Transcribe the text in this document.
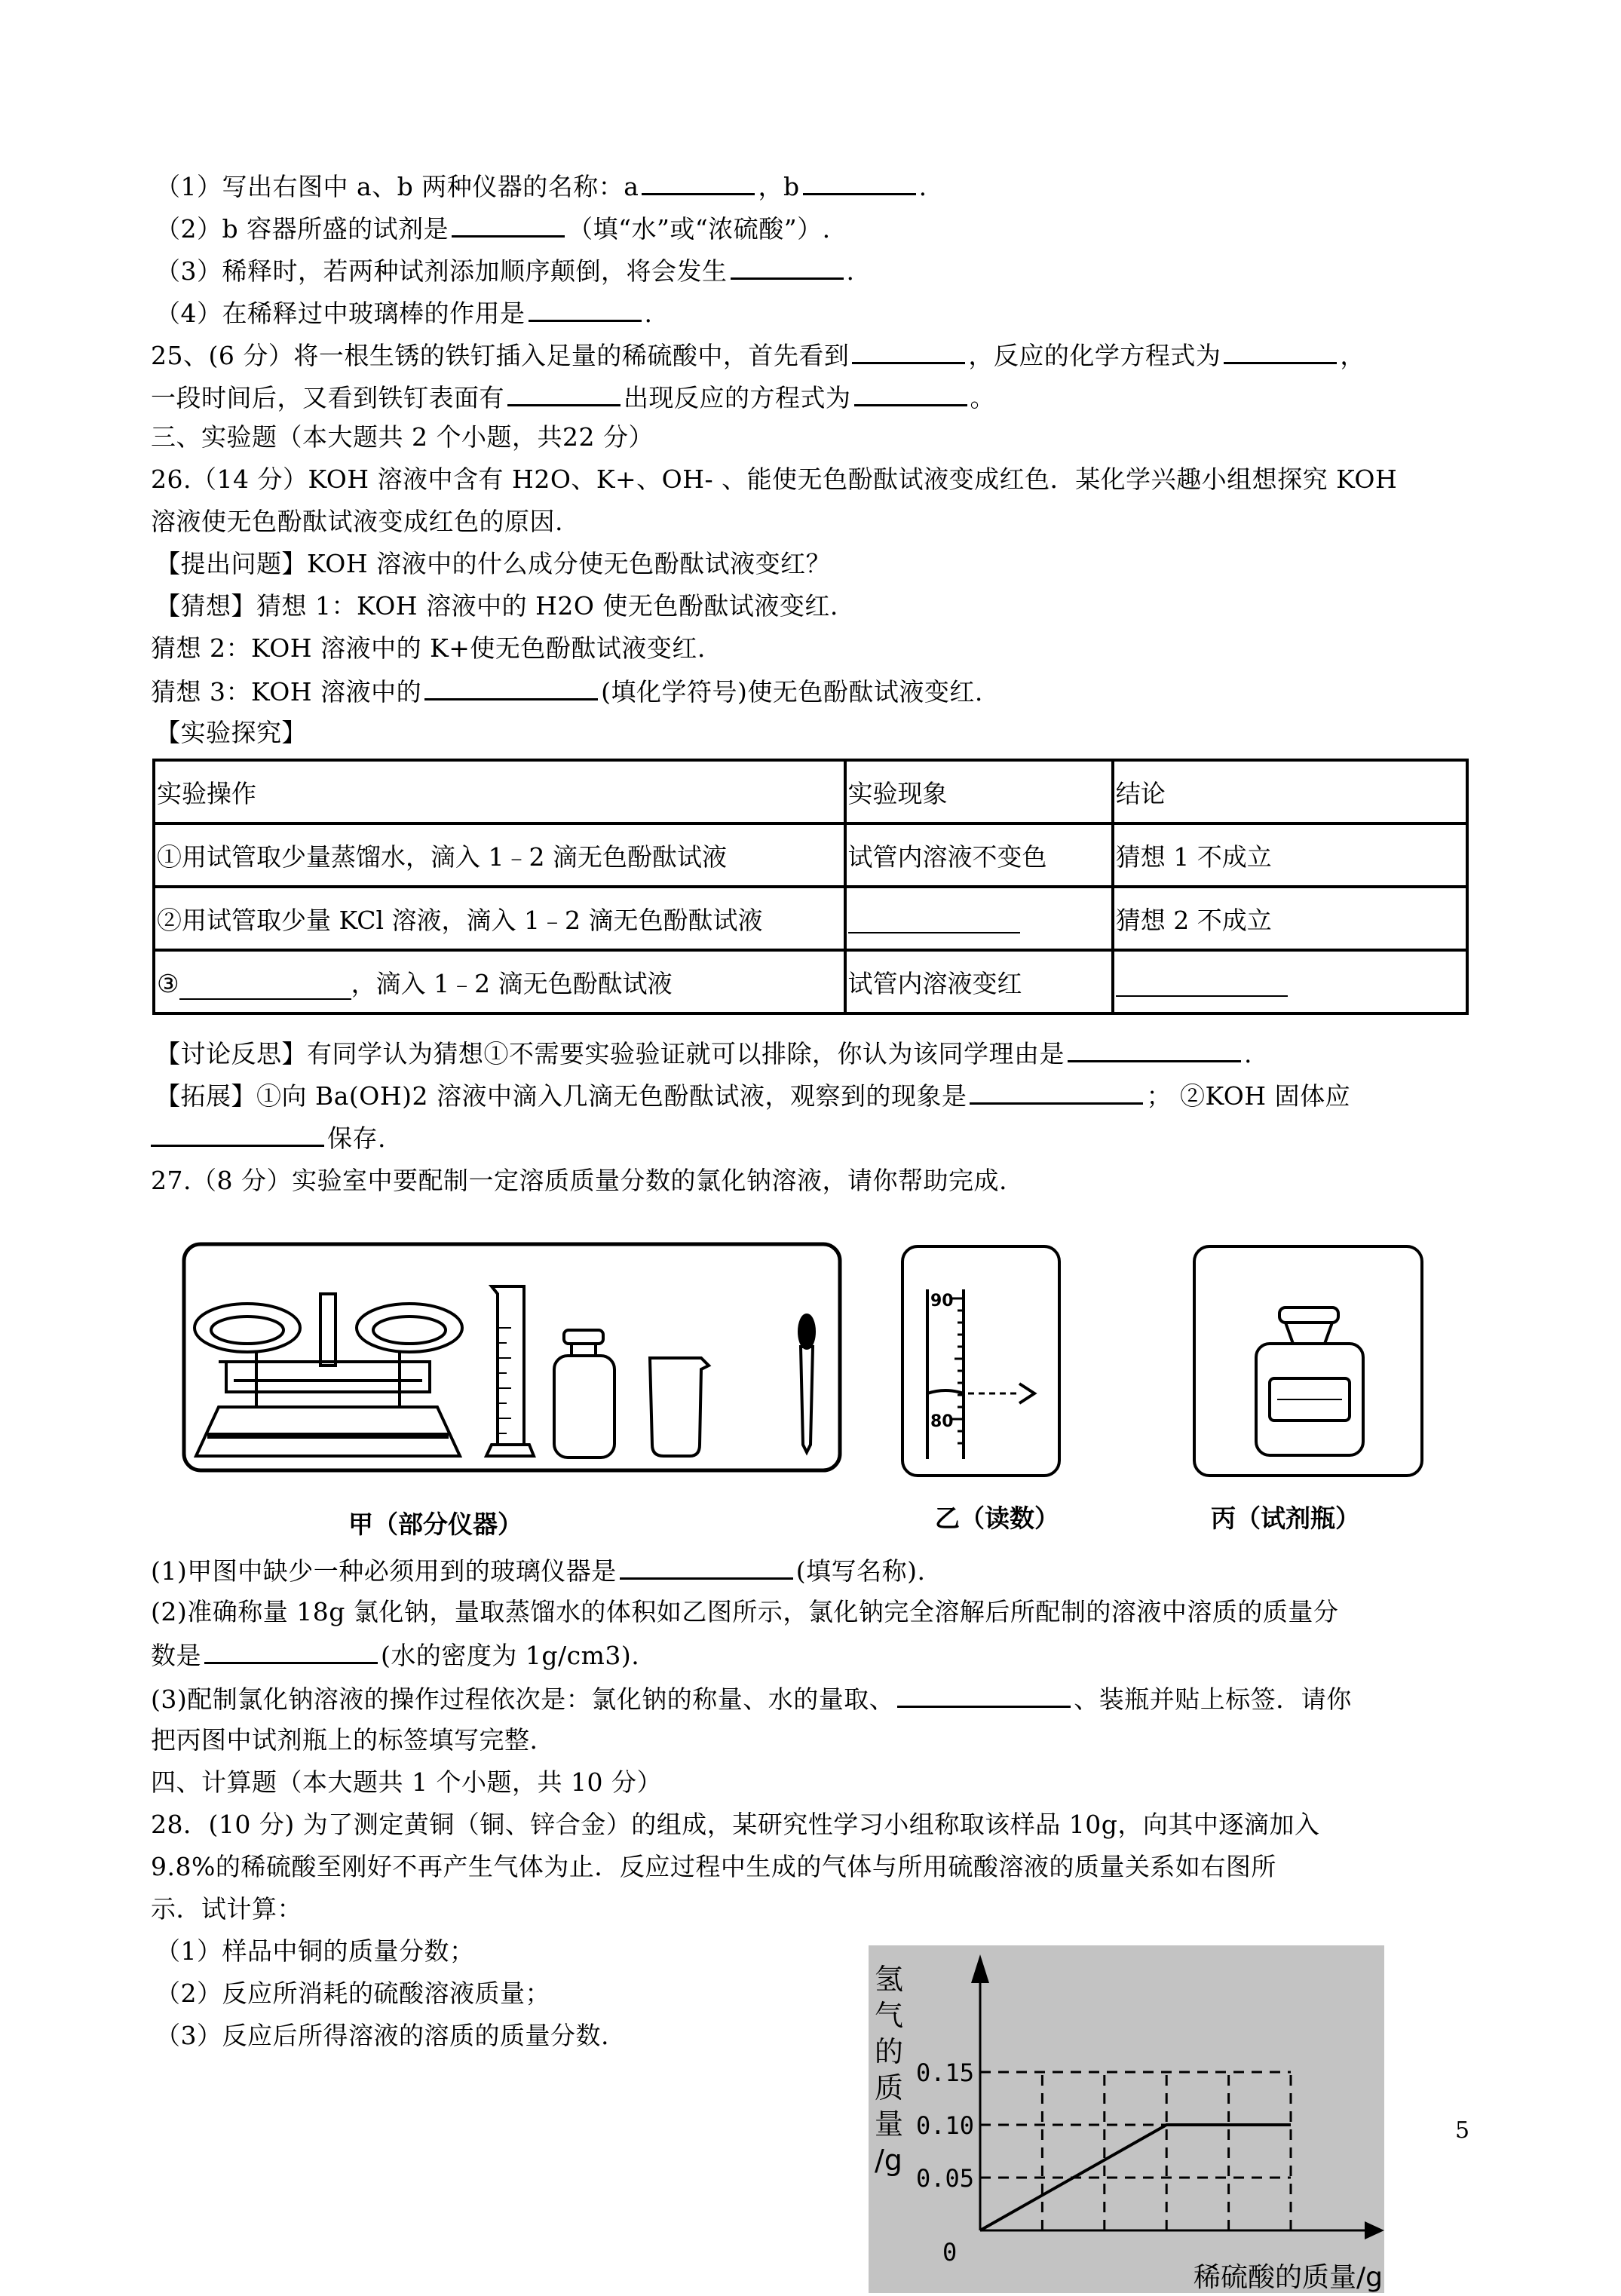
（1）写出右图中 a、b 两种仪器的名称：a	，b	.
（2）b 容器所盛的试剂是	（填“水”或“浓硫酸”）.
（3）稀释时，若两种试剂添加顺序颠倒，将会发生	.
（4）在稀释过中玻璃棒的作用是	.
25、(6 分）将一根生锈的铁钉插入足量的稀硫酸中，首先看到	，反应的化学方程式为	，
一段时间后，又看到铁钉表面有	出现反应的方程式为	。
三、实验题（本大题共 2 个小题，共22 分）
26.（14 分）KOH 溶液中含有 H2O、K+、OH- 、能使无色酚酞试液变成红色．某化学兴趣小组想探究 KOH
溶液使无色酚酞试液变成红色的原因.
【提出问题】KOH 溶液中的什么成分使无色酚酞试液变红？
【猜想】猜想 1：KOH 溶液中的 H2O 使无色酚酞试液变红.
猜想 2：KOH 溶液中的 K+使无色酚酞试液变红.
猜想 3：KOH 溶液中的	(填化学符号)使无色酚酞试液变红.
【实验探究】
实验操作	实验现象	结论
①用试管取少量蒸馏水，滴入 1﹣2 滴无色酚酞试液	试管内溶液不变色	猜想 1 不成立
②用试管取少量 KCl 溶液，滴入 1﹣2 滴无色酚酞试液		猜想 2 不成立
③ ，滴入 1﹣2 滴无色酚酞试液	试管内溶液变红	
【讨论反思】有同学认为猜想①不需要实验验证就可以排除，你认为该同学理由是	.
【拓展】①向 Ba(OH)2 溶液中滴入几滴无色酚酞试液，观察到的现象是	； ②KOH 固体应
保存.
27.（8 分）实验室中要配制一定溶质质量分数的氯化钠溶液，请你帮助完成.
甲（部分仪器）
90
80
乙（读数）	丙（试剂瓶）
(1)甲图中缺少一种必须用到的玻璃仪器是	(填写名称).
(2)准确称量 18g 氯化钠，量取蒸馏水的体积如乙图所示，氯化钠完全溶解后所配制的溶液中溶质的质量分
数是	(水的密度为 1g/cm3).
(3)配制氯化钠溶液的操作过程依次是：氯化钠的称量、水的量取、	、装瓶并贴上标签．请你
把丙图中试剂瓶上的标签填写完整.
四、计算题（本大题共 1 个小题，共 10 分）
28．(10 分) 为了测定黄铜（铜、锌合金）的组成，某研究性学习小组称取该样品 10g，向其中逐滴加入
9.8%的稀硫酸至刚好不再产生气体为止．反应过程中生成的气体与所用硫酸溶液的质量关系如右图所
示．试计算：
（1）样品中铜的质量分数；
（2）反应所消耗的硫酸溶液质量；
（3）反应后所得溶液的溶质的质量分数.
0.05
0.10
0.15
0
氢
气
的
质
量
/g
稀硫酸的质量/g
5
